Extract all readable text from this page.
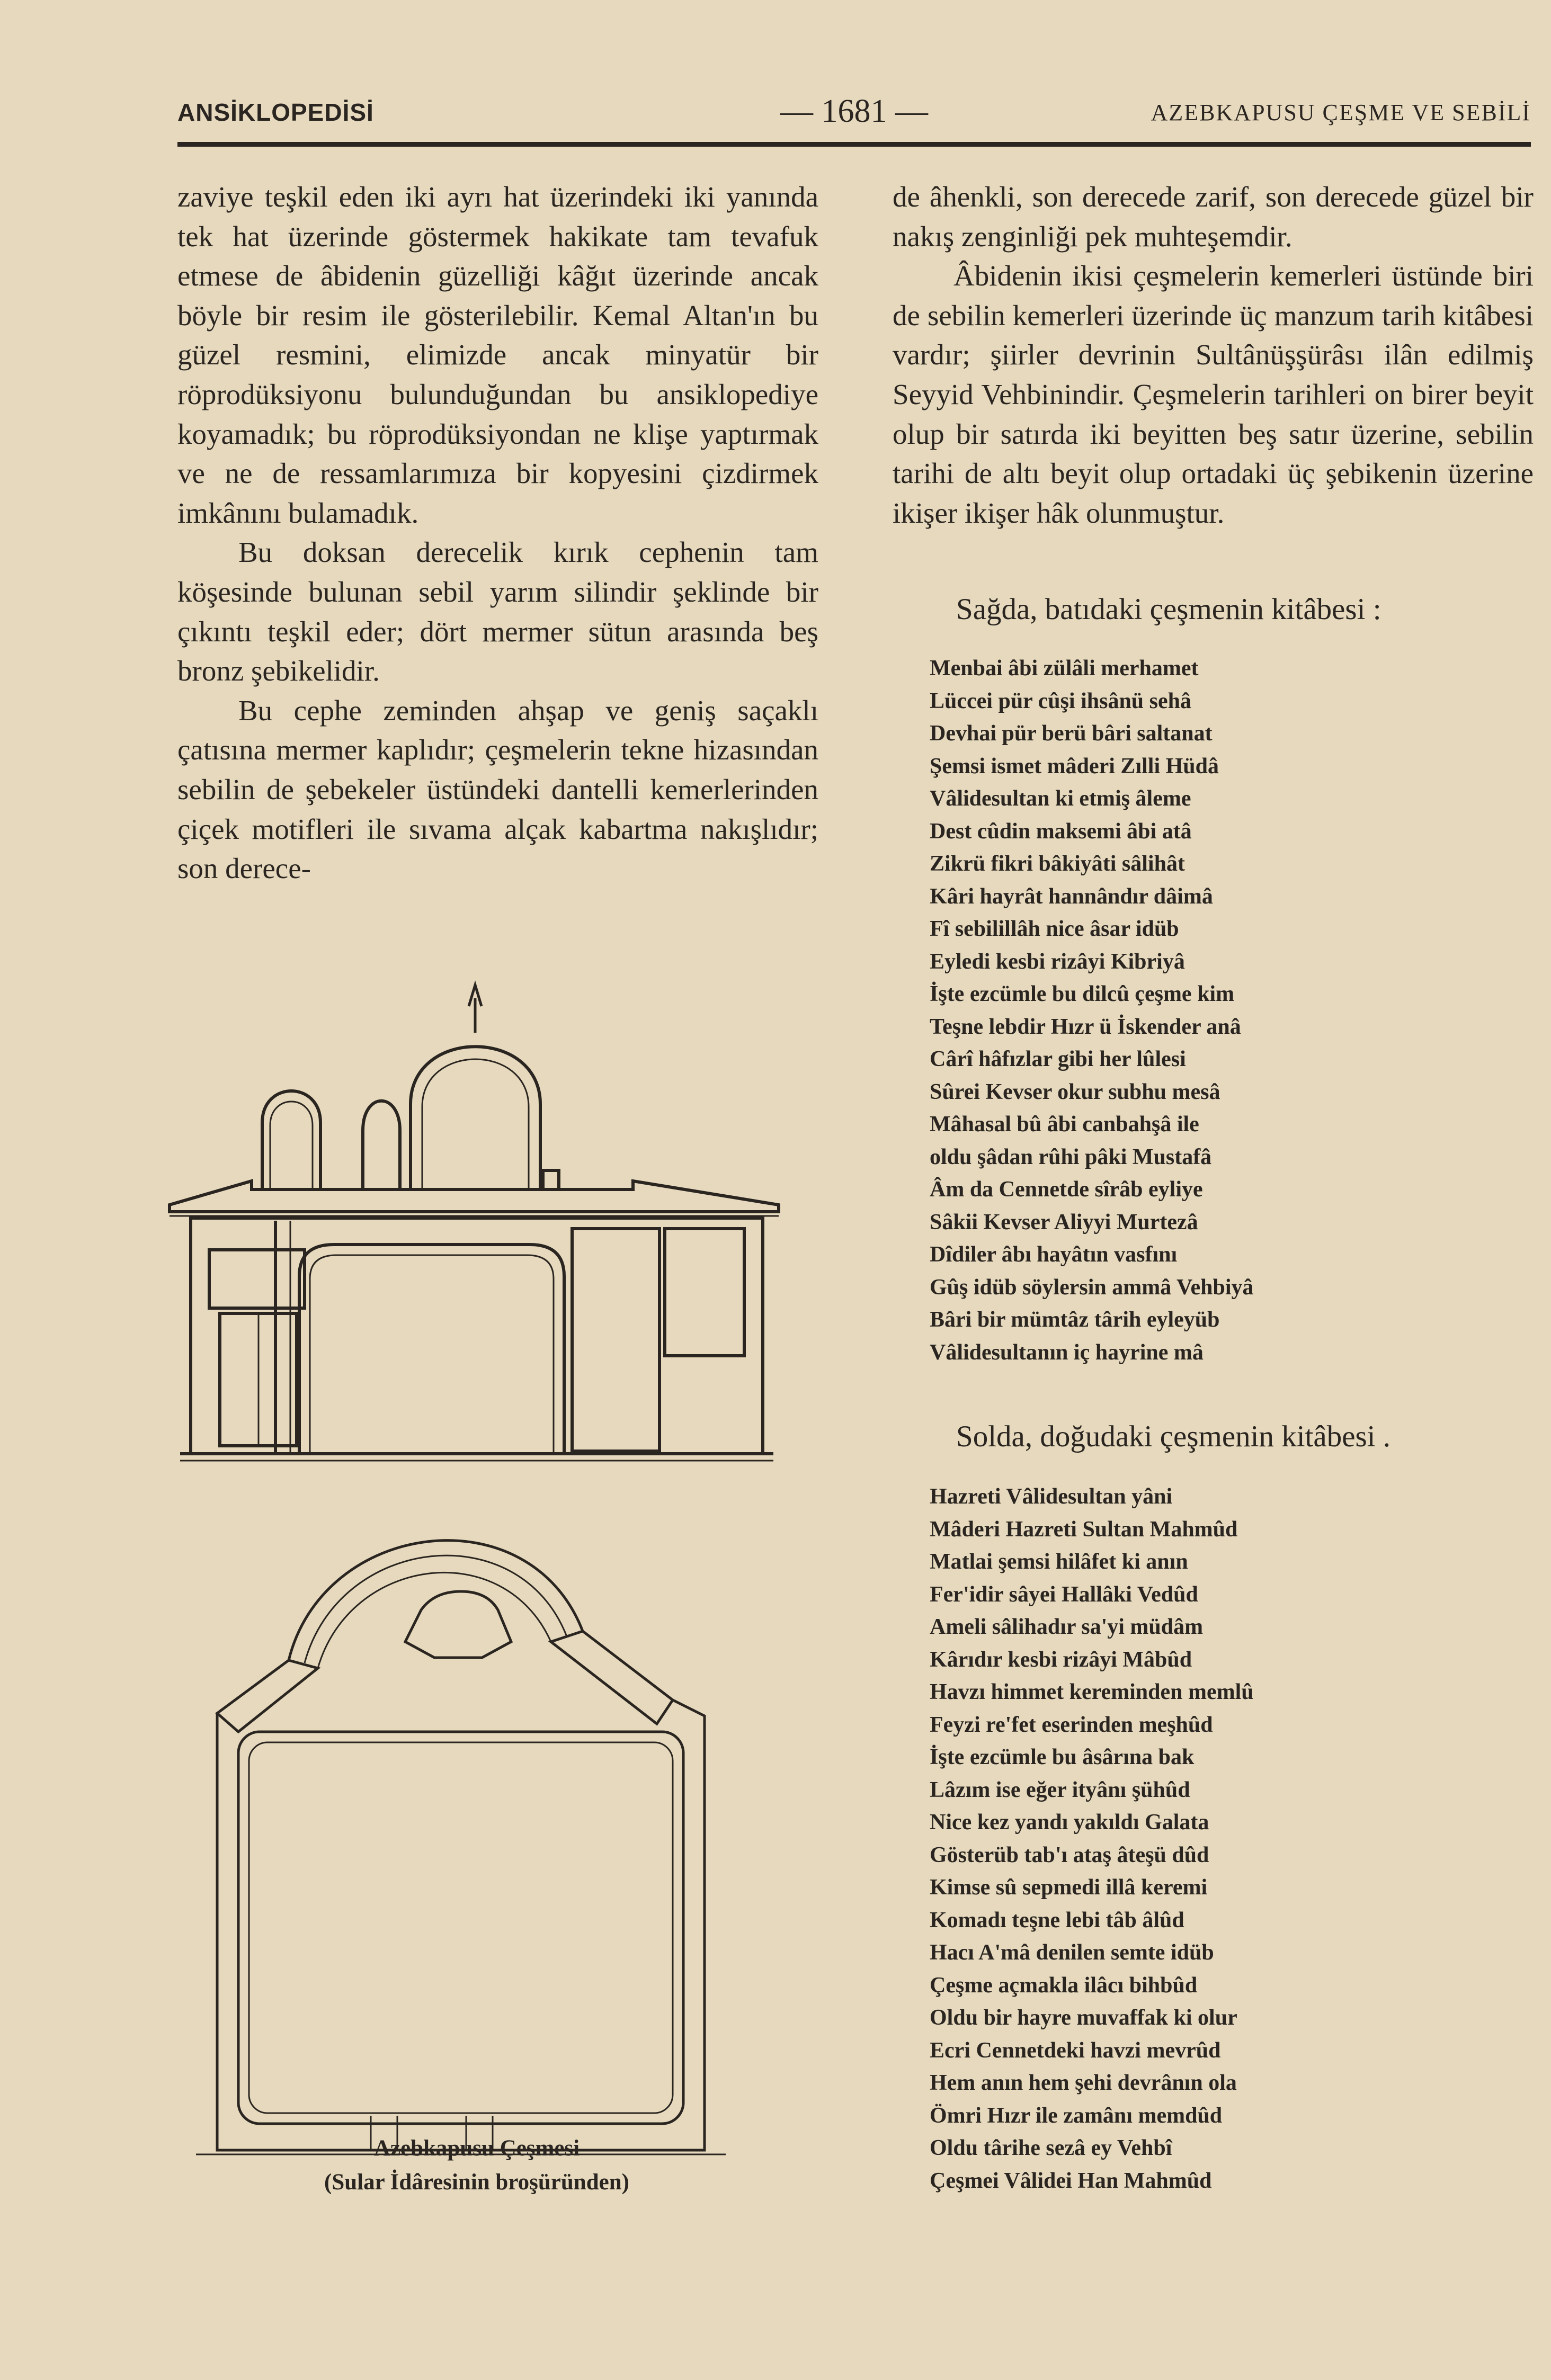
ANSİKLOPEDİSİ	— 1681 —	AZEBKAPUSU ÇEŞME VE SEBİLİ

zaviye teşkil eden iki ayrı hat üzerindeki iki yanında tek hat üzerinde göstermek hakikate tam tevafuk etmese de âbidenin güzelliği kâğıt üzerinde ancak böyle bir resim ile gösterilebilir. Kemal Altan'ın bu güzel resmini, elimizde ancak minyatür bir röprodüksiyonu bulunduğundan bu ansiklopediye koyamadık; bu röprodüksiyondan ne klişe yaptırmak ve ne de ressamlarımıza bir kopyesini çizdirmek imkânını bulamadık.

Bu doksan derecelik kırık cephenin tam köşesinde bulunan sebil yarım silindir şeklinde bir çıkıntı teşkil eder; dört mermer sütun arasında beş bronz şebikelidir.

Bu cephe zeminden ahşap ve geniş saçaklı çatısına mermer kaplıdır; çeşmelerin tekne hizasından sebilin de şebekeler üstündeki dantelli kemerlerinden çiçek motifleri ile sıvama alçak kabartma nakışlıdır; son derece-

de âhenkli, son derecede zarif, son derecede güzel bir nakış zenginliği pek muhteşemdir.

Âbidenin ikisi çeşmelerin kemerleri üstünde biri de sebilin kemerleri üzerinde üç manzum tarih kitâbesi vardır; şiirler devrinin Sultânüşşürâsı ilân edilmiş Seyyid Vehbinindir. Çeşmelerin tarihleri on birer beyit olup bir satırda iki beyitten beş satır üzerine, sebilin tarihi de altı beyit olup ortadaki üç şebikenin üzerine ikişer ikişer hâk olunmuştur.

Sağda, batıdaki çeşmenin kitâbesi :
Menbai âbi zülâli merhamet
Lüccei pür cûşi ihsânü sehâ
Devhai pür berü bâri saltanat
Şemsi ismet mâderi Zılli Hüdâ
Vâlidesultan ki etmiş âleme
Dest cûdin maksemi âbi atâ
Zikrü fikri bâkiyâti sâlihât
Kâri hayrât hannândır dâimâ
Fî sebilillâh nice âsar idüb
Eyledi kesbi rizâyi Kibriyâ
İşte ezcümle bu dilcû çeşme kim
Teşne lebdir Hızr ü İskender anâ
Cârî hâfızlar gibi her lûlesi
Sûrei Kevser okur subhu mesâ
Mâhasal bû âbi canbahşâ ile
oldu şâdan rûhi pâki Mustafâ
Âm da Cennetde sîrâb eyliye
Sâkii Kevser Aliyyi Murtezâ
Dîdiler âbı hayâtın vasfını
Gûş idüb söylersin ammâ Vehbiyâ
Bâri bir mümtâz târih eyleyüb
Vâlidesultanın iç hayrine mâ
Solda, doğudaki çeşmenin kitâbesi .
Hazreti Vâlidesultan yâni
Mâderi Hazreti Sultan Mahmûd
Matlai şemsi hilâfet ki anın
Fer'idir sâyei Hallâki Vedûd
Ameli sâlihadır sa'yi müdâm
Kârıdır kesbi rizâyi Mâbûd
Havzı himmet kereminden memlû
Feyzi re'fet eserinden meşhûd
İşte ezcümle bu âsârına bak
Lâzım ise eğer ityânı şühûd
Nice kez yandı yakıldı Galata
Gösterüb tab'ı ataş âteşü dûd
Kimse sû sepmedi illâ keremi
Komadı teşne lebi tâb âlûd
Hacı A'mâ denilen semte idüb
Çeşme açmakla ilâcı bihbûd
Oldu bir hayre muvaffak ki olur
Ecri Cennetdeki havzi mevrûd
Hem anın hem şehi devrânın ola
Ömri Hızr ile zamânı memdûd
Oldu târihe sezâ ey Vehbî
Çeşmei Vâlidei Han Mahmûd
Azebkapusu Çeşmesi
(Sular İdâresinin broşüründen)
